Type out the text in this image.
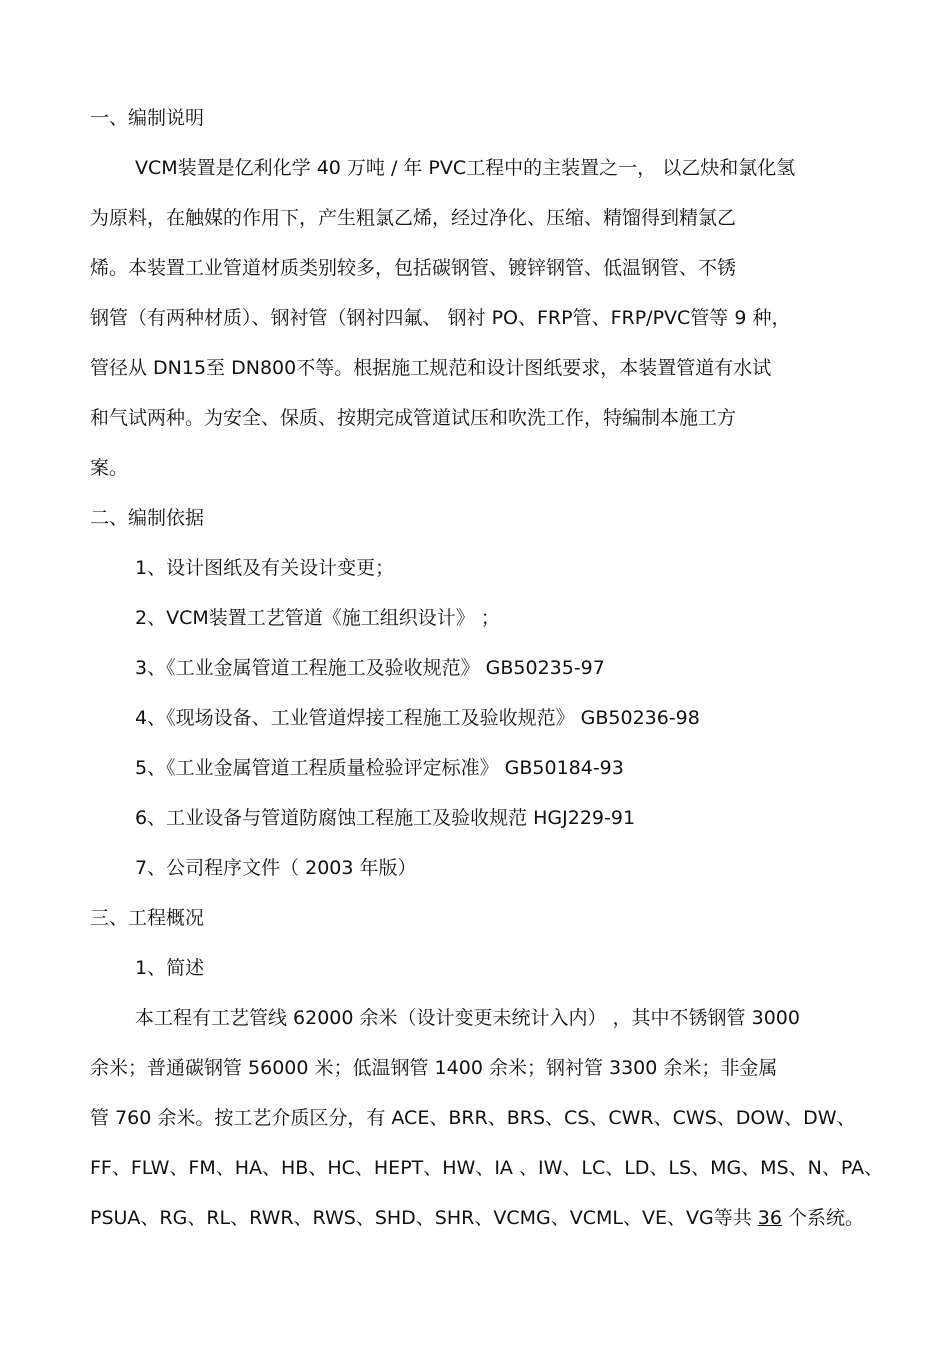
一、编制说明
VCM装置是亿利化学 40 万吨 / 年 PVC工程中的主装置之一， 以乙炔和氯化氢
为原料，在触媒的作用下，产生粗氯乙烯，经过净化、压缩、精馏得到精氯乙
烯。本装置工业管道材质类别较多，包括碳钢管、镀锌钢管、低温钢管、不锈
钢管（有两种材质）、钢衬管（钢衬四氟、 钢衬 PO、FRP管、FRP/PVC管等 9 种，
管径从 DN15至 DN800不等。根据施工规范和设计图纸要求，本装置管道有水试
和气试两种。为安全、保质、按期完成管道试压和吹洗工作，特编制本施工方
案。
二、编制依据
1、设计图纸及有关设计变更；
2、VCM装置工艺管道《施工组织设计》 ；
3、《工业金属管道工程施工及验收规范》 GB50235-97
4、《现场设备、工业管道焊接工程施工及验收规范》 GB50236-98
5、《工业金属管道工程质量检验评定标准》 GB50184-93
6、工业设备与管道防腐蚀工程施工及验收规范 HGJ229-91
7、公司程序文件（ 2003 年版）
三、工程概况
1、简述
本工程有工艺管线 62000 余米（设计变更未统计入内） ，其中不锈钢管 3000
余米；普通碳钢管 56000 米；低温钢管 1400 余米；钢衬管 3300 余米；非金属
管 760 余米。按工艺介质区分，有 ACE、BRR、BRS、CS、CWR、CWS、DOW、DW、
FF、FLW、FM、HA、HB、HC、HEPT、HW、IA 、IW、LC、LD、LS、MG、MS、N、PA、
PSUA、RG、RL、RWR、RWS、SHD、SHR、VCMG、VCML、VE、VG等共 36 个系统。
